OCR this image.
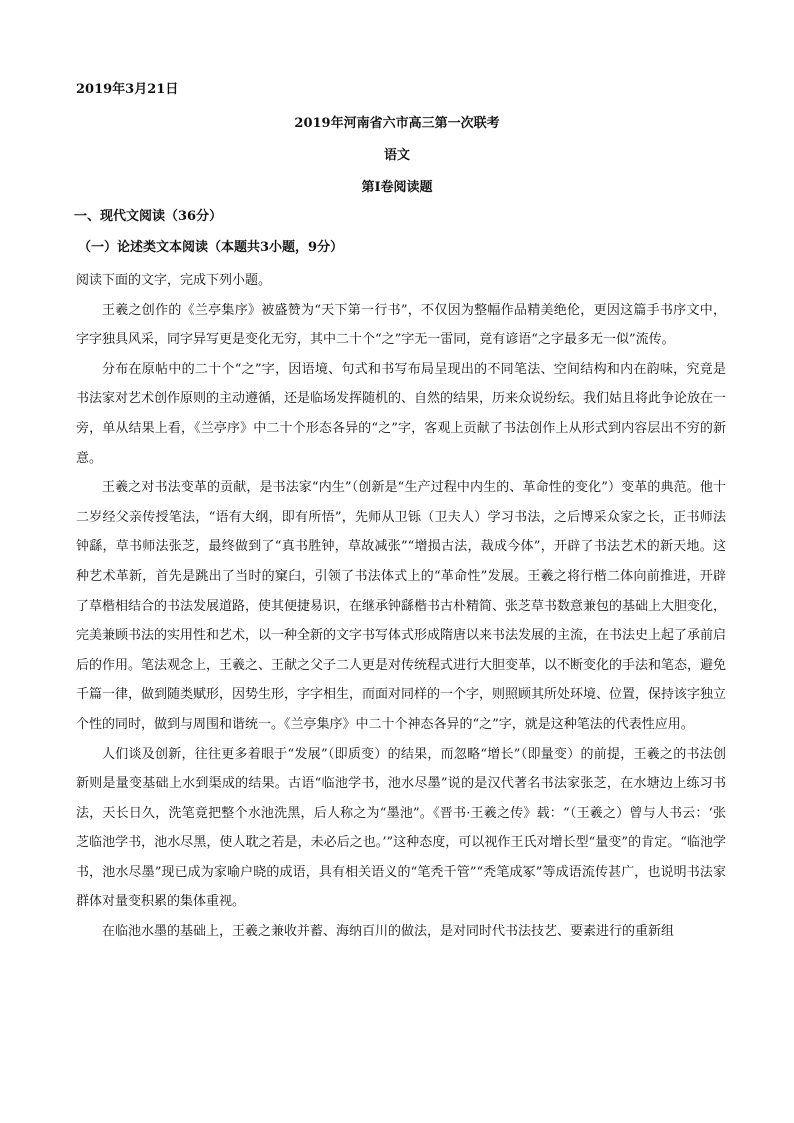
2019年3月21日
2019年河南省六市高三第一次联考
语文
第Ⅰ卷阅读题
一、现代文阅读（36分）
（一）论述类文本阅读（本题共3小题，9分）

阅读下面的文字，完成下列小题。

王羲之创作的《兰亭集序》被盛赞为“天下第一行书”，不仅因为整幅作品精美绝伦，更因这篇手书序文中，字字独具风采，同字异写更是变化无穷，其中二十个“之”字无一雷同，竟有谚语“之字最多无一似”流传。

分布在原帖中的二十个“之”字，因语境、句式和书写布局呈现出的不同笔法、空间结构和内在韵味，究竟是书法家对艺术创作原则的主动遵循，还是临场发挥随机的、自然的结果，历来众说纷纭。我们姑且将此争论放在一旁，单从结果上看，《兰亭序》中二十个形态各异的“之”字，客观上贡献了书法创作上从形式到内容层出不穷的新意。

王羲之对书法变革的贡献，是书法家“内生”（创新是“生产过程中内生的、革命性的变化”）变革的典范。他十二岁经父亲传授笔法，“语有大纲，即有所悟”，先师从卫铄（卫夫人）学习书法，之后博采众家之长，正书师法钟繇，草书师法张芝，最终做到了“真书胜钟，草故减张”“增损古法，裁成今体”，开辟了书法艺术的新天地。这种艺术革新，首先是跳出了当时的窠臼，引领了书法体式上的“革命性”发展。王羲之将行楷二体向前推进，开辟了草楷相结合的书法发展道路，使其便捷易识，在继承钟繇楷书古朴精简、张芝草书数意兼包的基础上大胆变化，完美兼顾书法的实用性和艺术，以一种全新的文字书写体式形成隋唐以来书法发展的主流，在书法史上起了承前启后的作用。笔法观念上，王羲之、王献之父子二人更是对传统程式进行大胆变革，以不断变化的手法和笔态，避免千篇一律，做到随类赋形，因势生形，字字相生，而面对同样的一个字，则照顾其所处环境、位置，保持该字独立个性的同时，做到与周围和谐统一。《兰亭集序》中二十个神态各异的“之”字，就是这种笔法的代表性应用。

人们谈及创新，往往更多着眼于“发展”（即质变）的结果，而忽略“增长”（即量变）的前提，王羲之的书法创新则是量变基础上水到渠成的结果。古语“临池学书，池水尽墨”说的是汉代著名书法家张芝，在水塘边上练习书法，天长日久，洗笔竟把整个水池洗黑，后人称之为“墨池”。《晋书·王羲之传》载：“（王羲之）曾与人书云：‘张芝临池学书，池水尽黑，使人耽之若是，未必后之也。’”这种态度，可以视作王氏对增长型“量变”的肯定。“临池学书，池水尽墨”现已成为家喻户晓的成语，具有相关语义的“笔秃千管”“秃笔成冢”等成语流传甚广，也说明书法家群体对量变积累的集体重视。

在临池水墨的基础上，王羲之兼收并蓄、海纳百川的做法，是对同时代书法技艺、要素进行的重新组
